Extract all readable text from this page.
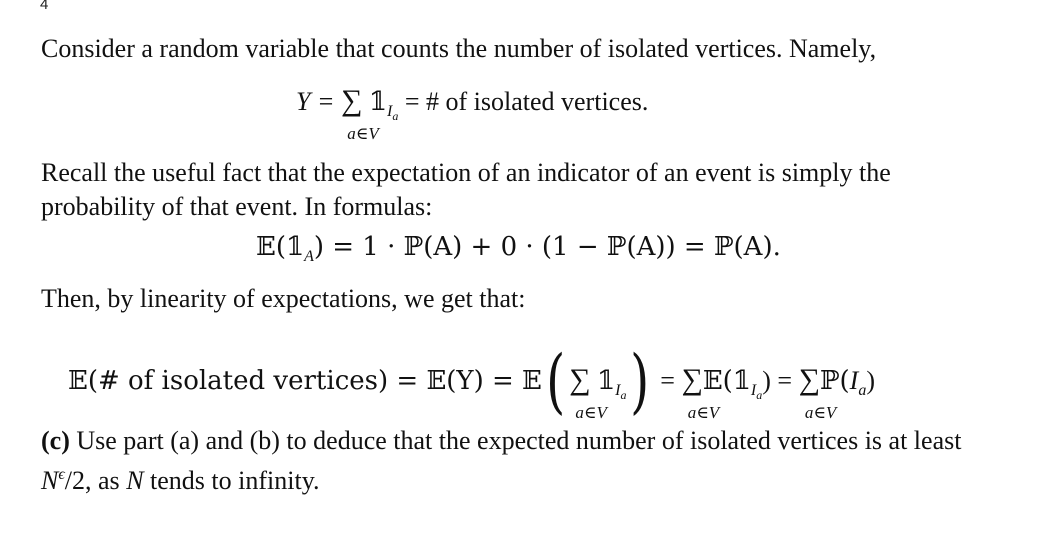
4

Consider a random variable that counts the number of isolated vertices. Namely,

Y = ∑
a∈V
$𝟙_{I_a}$ = # of isolated vertices.

Recall the useful fact that the expectation of an indicator of an event is simply the probability of that event. In formulas:

$𝔼(𝟙_A) = 1$ · ℙ(A) + 0 · (1 − ℙ(A)) = ℙ(A).

Then, by linearity of expectations, we get that:

𝔼(# of isolated vertices) = 𝔼(Y) = 𝔼( ∑
a∈V
$𝟙_{I_a}$) = ∑
a∈V
$𝔼(𝟙_{I_a})$ = ∑
a∈V
$ℙ(I_a)$

(c) Use part (a) and (b) to deduce that the expected number of isolated vertices is at least $N^\epsilon/2$, as N tends to infinity.
